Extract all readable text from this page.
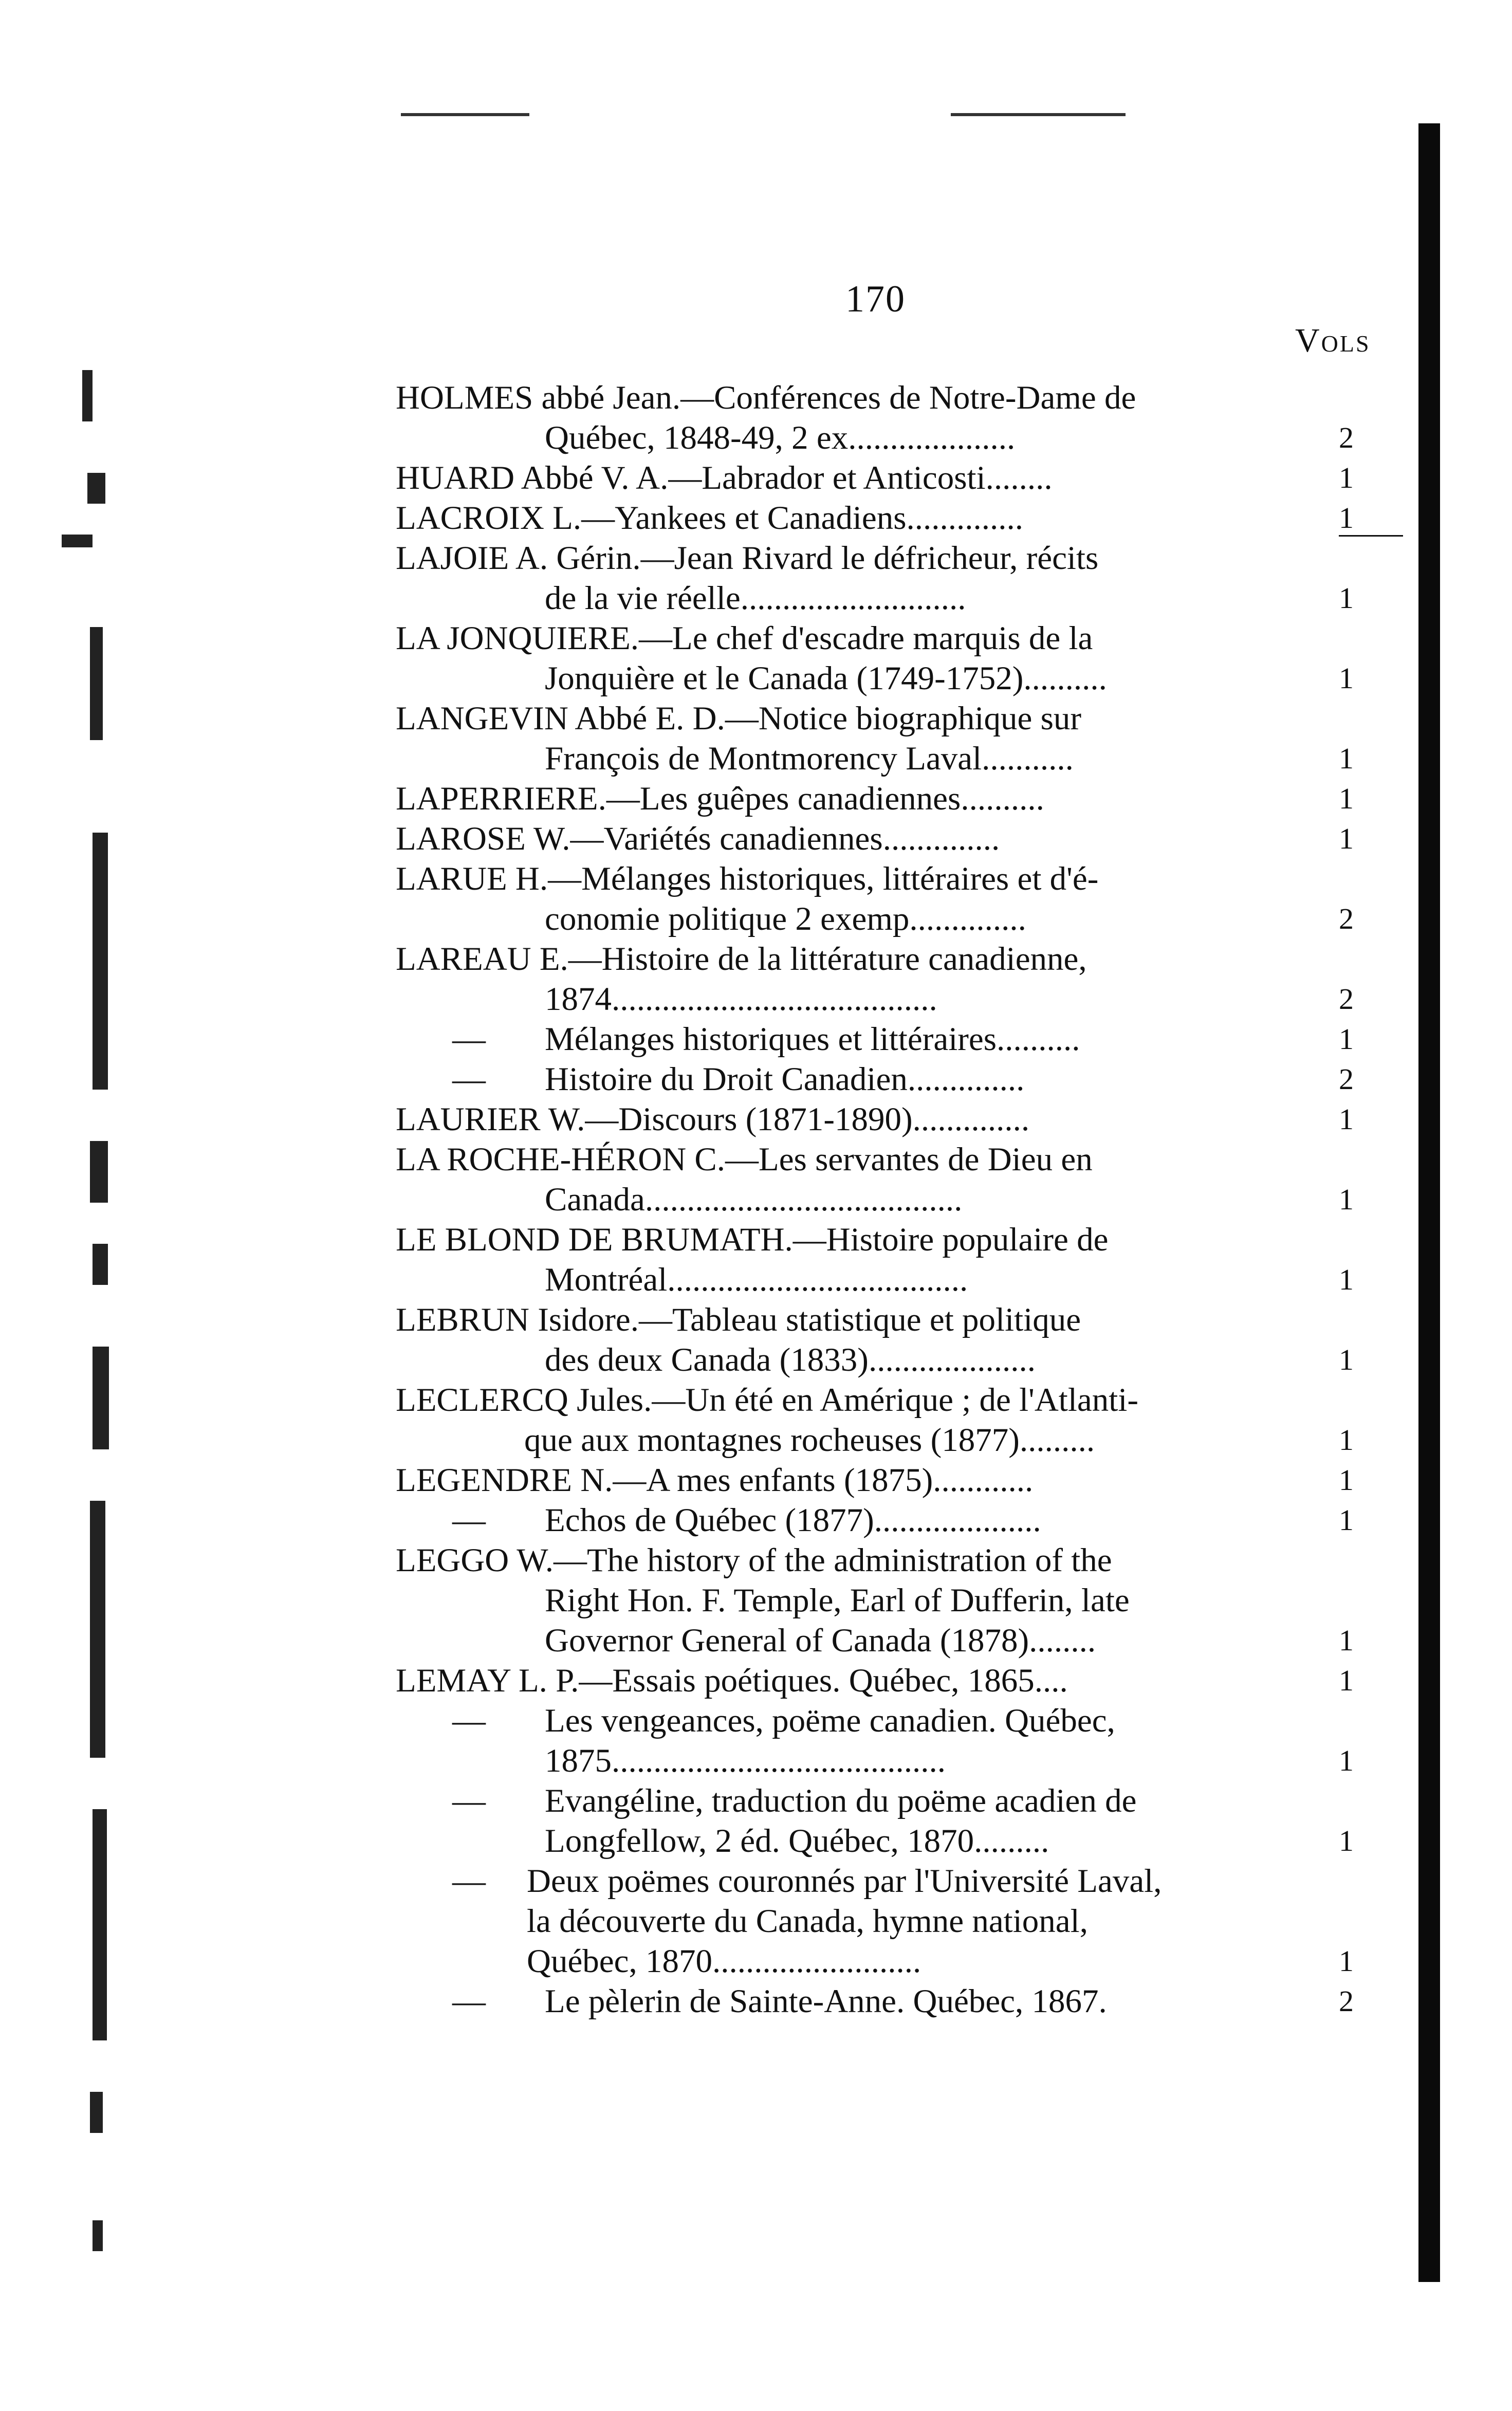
170
Vols
HOLMES abbé Jean.—Conférences de Notre-Dame de
Québec, 1848-49, 2 ex....................	2
HUARD Abbé V. A.—Labrador et Anticosti........	1
LACROIX L.—Yankees et Canadiens..............	1
LAJOIE A. Gérin.—Jean Rivard le défricheur, récits
de la vie réelle...........................	1
LA JONQUIERE.—Le chef d'escadre marquis de la
Jonquière et le Canada (1749-1752)..........	1
LANGEVIN Abbé E. D.—Notice biographique sur
François de Montmorency Laval...........	1
LAPERRIERE.—Les guêpes canadiennes..........	1
LAROSE W.—Variétés canadiennes..............	1
LARUE H.—Mélanges historiques, littéraires et d'é-
conomie politique 2 exemp..............	2
LAREAU E.—Histoire de la littérature canadienne,
1874.......................................	2
— Mélanges historiques et littéraires..........	1
— Histoire du Droit Canadien..............	2
LAURIER W.—Discours (1871-1890)..............	1
LA ROCHE-HÉRON C.—Les servantes de Dieu en
Canada......................................	1
LE BLOND DE BRUMATH.—Histoire populaire de
Montréal....................................	1
LEBRUN Isidore.—Tableau statistique et politique
des deux Canada (1833)....................	1
LECLERCQ Jules.—Un été en Amérique ; de l'Atlanti-
que aux montagnes rocheuses (1877).........	1
LEGENDRE N.—A mes enfants (1875)............	1
— Echos de Québec (1877)....................	1
LEGGO W.—The history of the administration of the
Right Hon. F. Temple, Earl of Dufferin, late
Governor General of Canada (1878)........	1
LEMAY L. P.—Essais poétiques. Québec, 1865....	1
— Les vengeances, poëme canadien. Québec,
1875........................................	1
— Evangéline, traduction du poëme acadien de
Longfellow, 2 éd. Québec, 1870.........	1
— Deux poëmes couronnés par l'Université Laval,
la découverte du Canada, hymne national,
Québec, 1870.........................	1
— Le pèlerin de Sainte-Anne. Québec, 1867.	2
